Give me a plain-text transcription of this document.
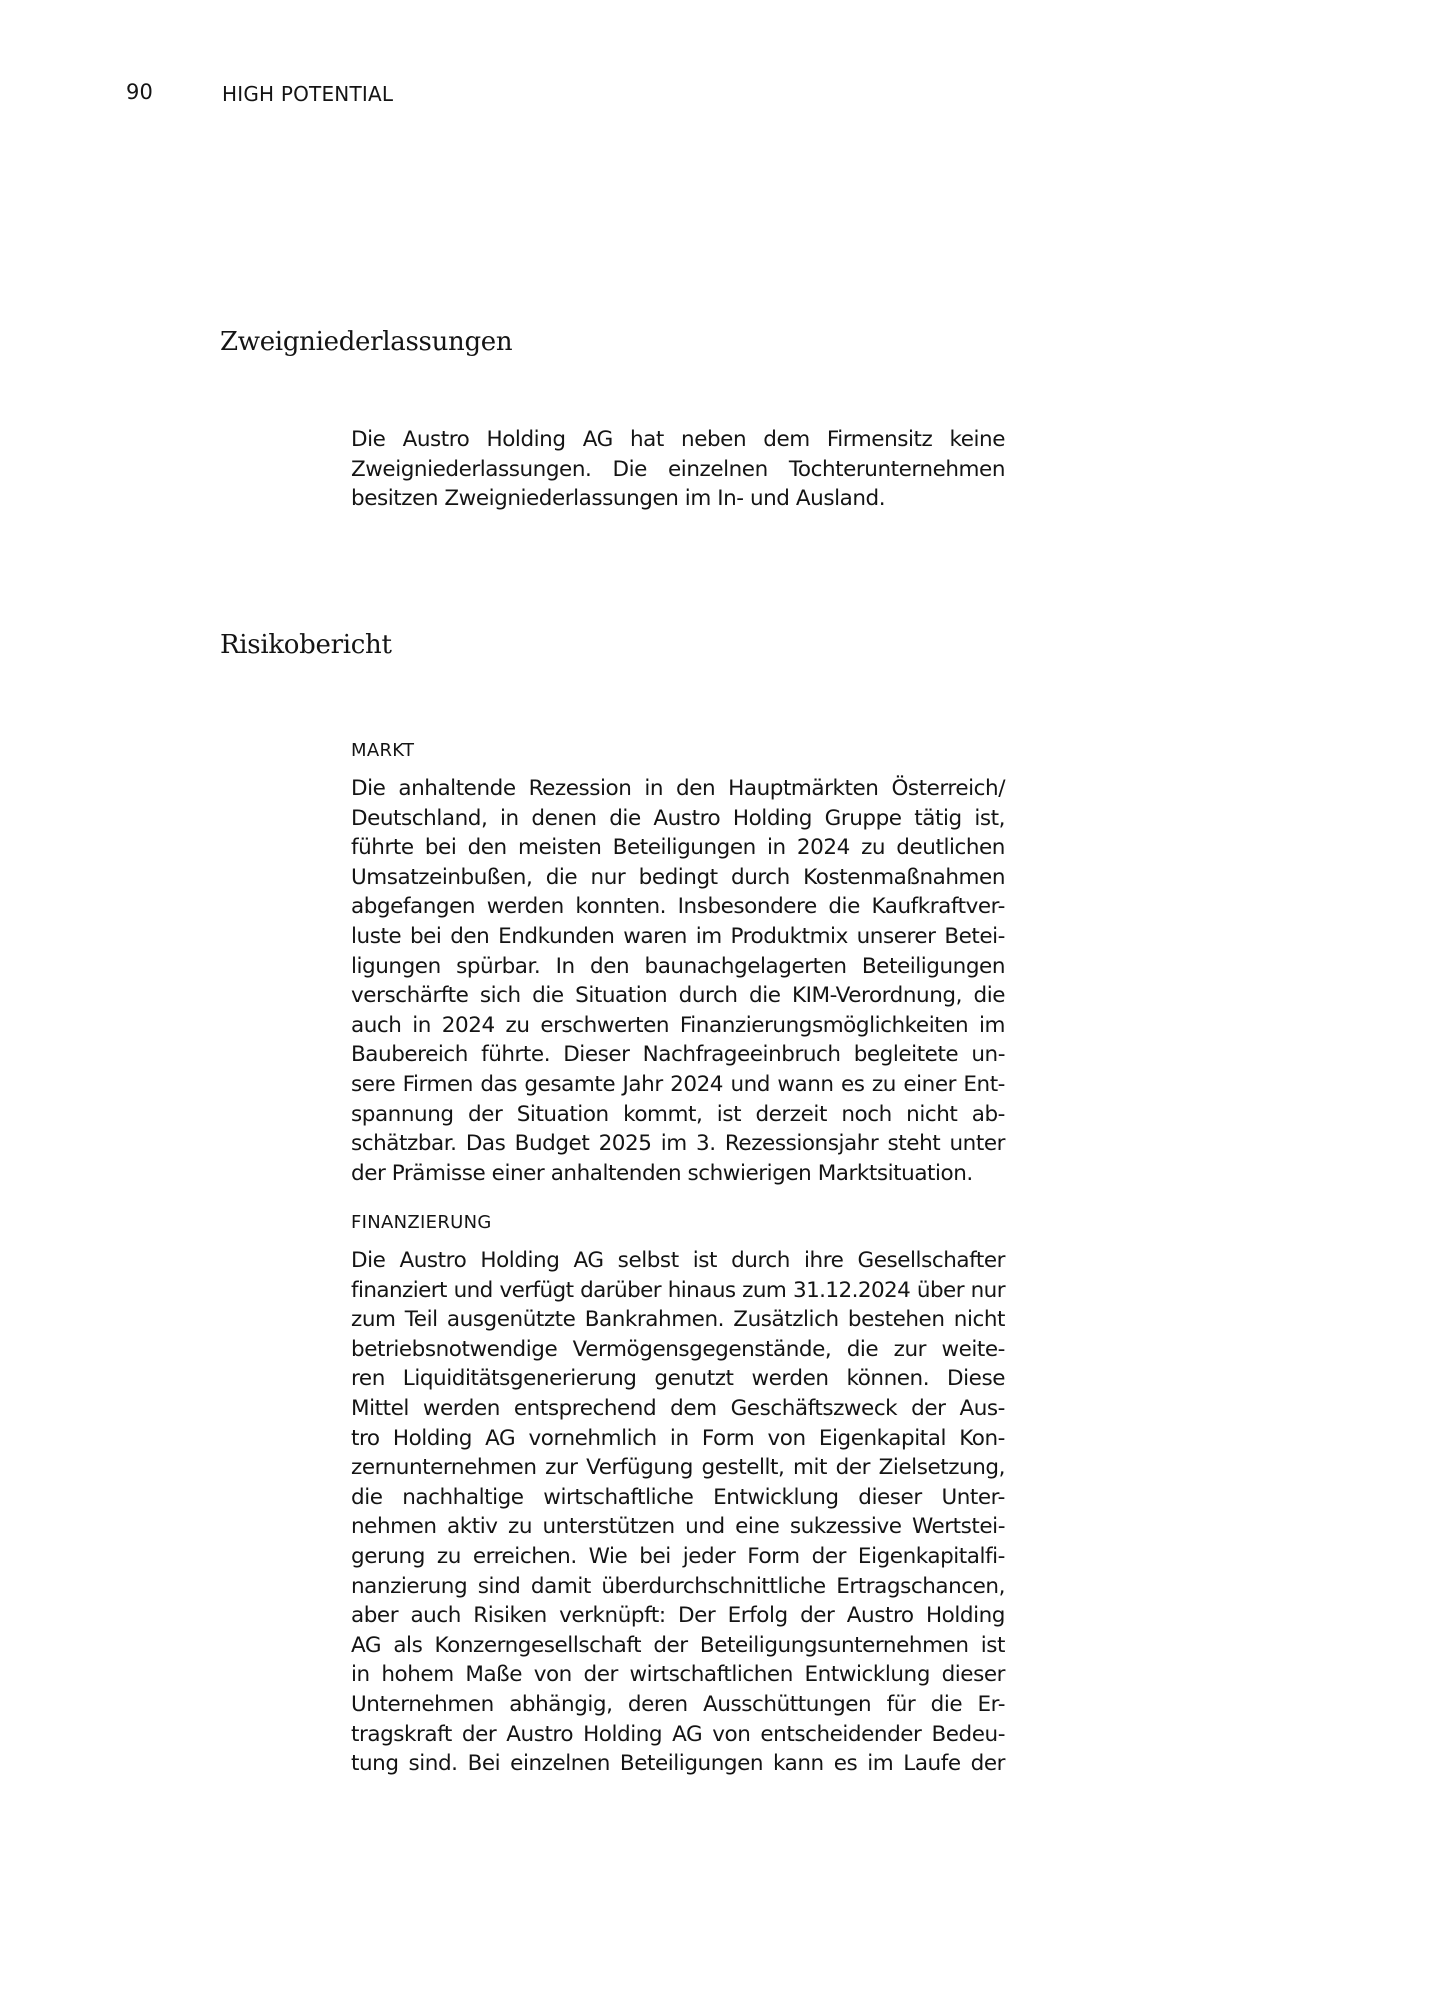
90	HIGH POTENTIAL
Zweigniederlassungen
Die Austro Holding AG hat neben dem Firmensitz keine
Zweigniederlassungen. Die einzelnen Tochterunternehmen
besitzen Zweigniederlassungen im In- und Ausland.
Risikobericht
MARKT
Die anhaltende Rezession in den Hauptmärkten Österreich/
Deutschland, in denen die Austro Holding Gruppe tätig ist,
führte bei den meisten Beteiligungen in 2024 zu deutlichen
Umsatzeinbußen, die nur bedingt durch Kostenmaßnahmen
abgefangen werden konnten. Insbesondere die Kaufkraftver-
luste bei den Endkunden waren im Produktmix unserer Betei-
ligungen spürbar. In den baunachgelagerten Beteiligungen
verschärfte sich die Situation durch die KIM-Verordnung, die
auch in 2024 zu erschwerten Finanzierungsmöglichkeiten im
Baubereich führte. Dieser Nachfrageeinbruch begleitete un-
sere Firmen das gesamte Jahr 2024 und wann es zu einer Ent-
spannung der Situation kommt, ist derzeit noch nicht ab-
schätzbar. Das Budget 2025 im 3. Rezessionsjahr steht unter
der Prämisse einer anhaltenden schwierigen Marktsituation.
FINANZIERUNG
Die Austro Holding AG selbst ist durch ihre Gesellschafter
finanziert und verfügt darüber hinaus zum 31.12.2024 über nur
zum Teil ausgenützte Bankrahmen. Zusätzlich bestehen nicht
betriebsnotwendige Vermögensgegenstände, die zur weite-
ren Liquiditätsgenerierung genutzt werden können. Diese
Mittel werden entsprechend dem Geschäftszweck der Aus-
tro Holding AG vornehmlich in Form von Eigenkapital Kon-
zernunternehmen zur Verfügung gestellt, mit der Zielsetzung,
die nachhaltige wirtschaftliche Entwicklung dieser Unter-
nehmen aktiv zu unterstützen und eine sukzessive Wertstei-
gerung zu erreichen. Wie bei jeder Form der Eigenkapitalfi-
nanzierung sind damit überdurchschnittliche Ertragschancen,
aber auch Risiken verknüpft: Der Erfolg der Austro Holding
AG als Konzerngesellschaft der Beteiligungsunternehmen ist
in hohem Maße von der wirtschaftlichen Entwicklung dieser
Unternehmen abhängig, deren Ausschüttungen für die Er-
tragskraft der Austro Holding AG von entscheidender Bedeu-
tung sind. Bei einzelnen Beteiligungen kann es im Laufe der
